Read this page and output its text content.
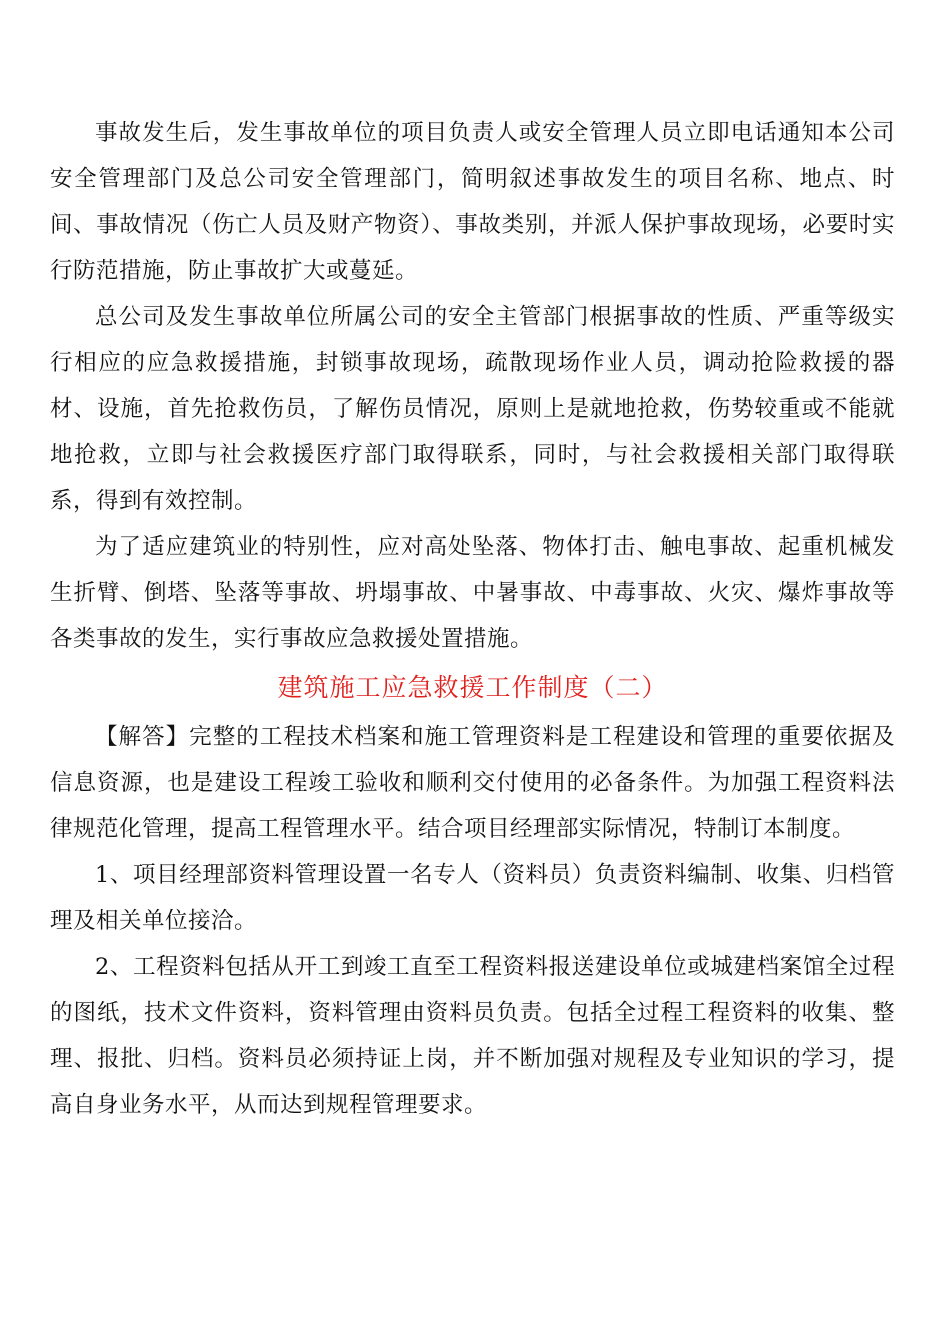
事故发生后，发生事故单位的项目负责人或安全管理人员立即电话通知本公司安全管理部门及总公司安全管理部门，简明叙述事故发生的项目名称、地点、时间、事故情况（伤亡人员及财产物资）、事故类别，并派人保护事故现场，必要时实行防范措施，防止事故扩大或蔓延。

总公司及发生事故单位所属公司的安全主管部门根据事故的性质、严重等级实行相应的应急救援措施，封锁事故现场，疏散现场作业人员，调动抢险救援的器材、设施，首先抢救伤员，了解伤员情况，原则上是就地抢救，伤势较重或不能就地抢救，立即与社会救援医疗部门取得联系，同时，与社会救援相关部门取得联系，得到有效控制。

为了适应建筑业的特别性，应对高处坠落、物体打击、触电事故、起重机械发生折臂、倒塔、坠落等事故、坍塌事故、中暑事故、中毒事故、火灾、爆炸事故等各类事故的发生，实行事故应急救援处置措施。

建筑施工应急救援工作制度（二）

【解答】完整的工程技术档案和施工管理资料是工程建设和管理的重要依据及信息资源，也是建设工程竣工验收和顺利交付使用的必备条件。为加强工程资料法律规范化管理，提高工程管理水平。结合项目经理部实际情况，特制订本制度。

1、项目经理部资料管理设置一名专人（资料员）负责资料编制、收集、归档管理及相关单位接洽。

2、工程资料包括从开工到竣工直至工程资料报送建设单位或城建档案馆全过程的图纸，技术文件资料，资料管理由资料员负责。包括全过程工程资料的收集、整理、报批、归档。资料员必须持证上岗，并不断加强对规程及专业知识的学习，提高自身业务水平，从而达到规程管理要求。
